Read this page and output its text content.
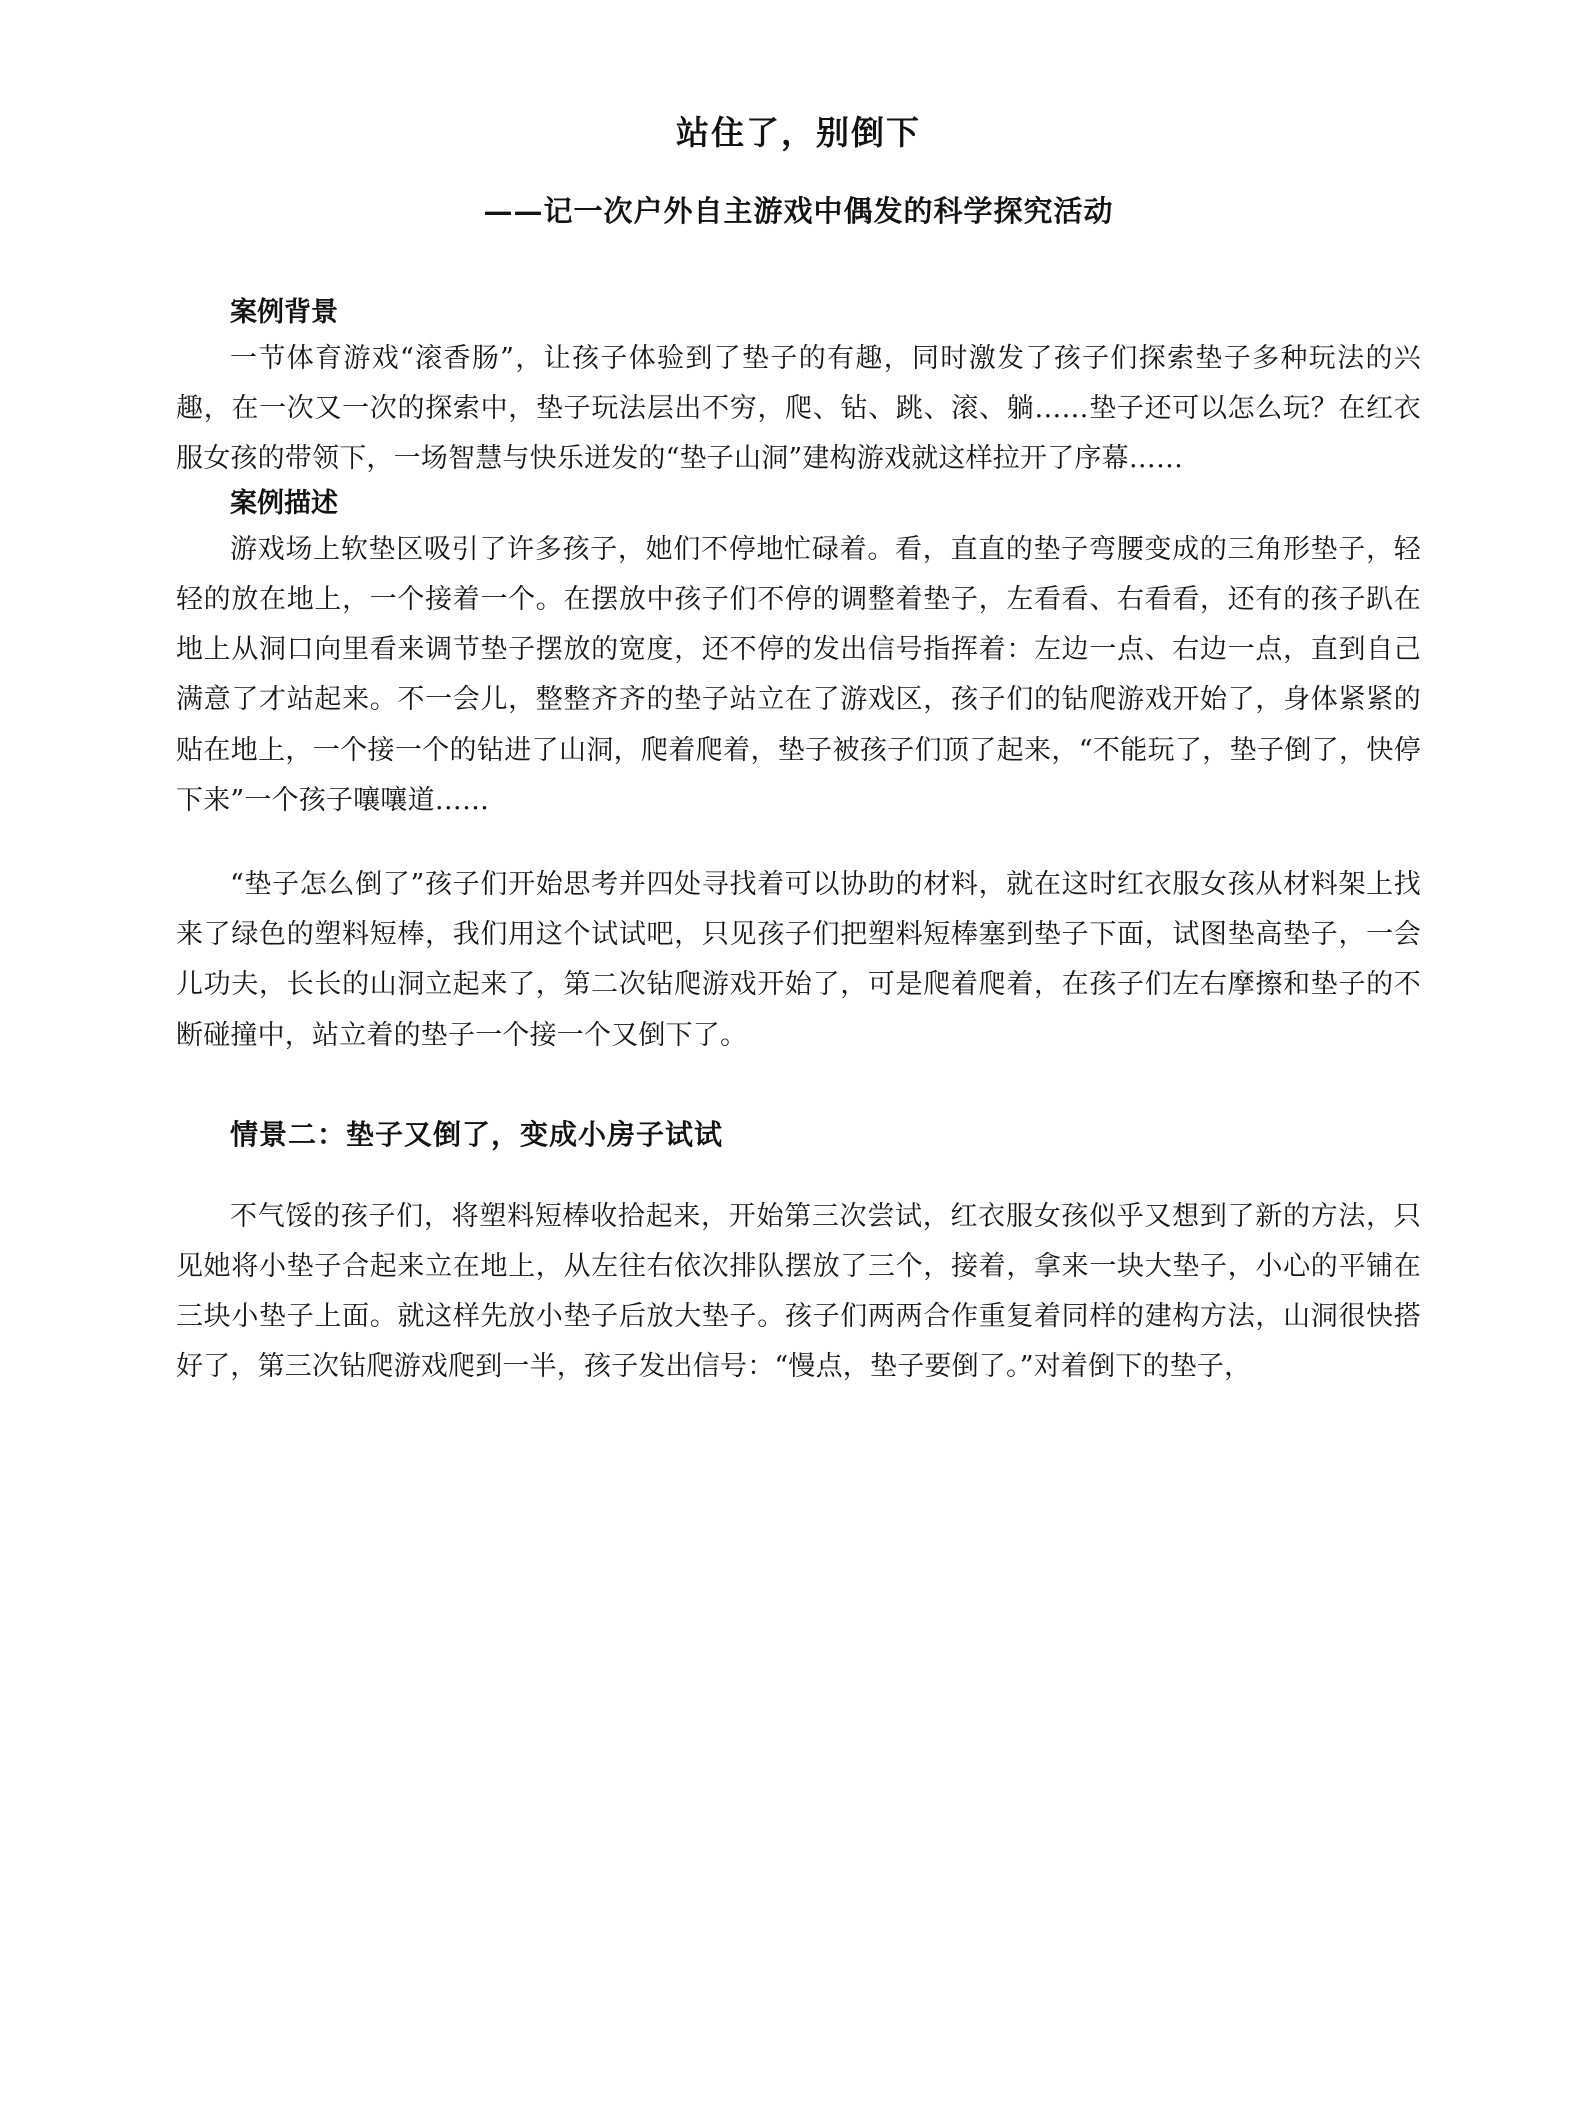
站住了，别倒下
——记一次户外自主游戏中偶发的科学探究活动
案例背景

一节体育游戏“滚香肠”，让孩子体验到了垫子的有趣，同时激发了孩子们探索垫子多种玩法的兴趣，在一次又一次的探索中，垫子玩法层出不穷，爬、钻、跳、滚、躺……垫子还可以怎么玩？在红衣服女孩的带领下，一场智慧与快乐迸发的“垫子山洞”建构游戏就这样拉开了序幕……

案例描述

游戏场上软垫区吸引了许多孩子，她们不停地忙碌着。看，直直的垫子弯腰变成的三角形垫子，轻轻的放在地上，一个接着一个。在摆放中孩子们不停的调整着垫子，左看看、右看看，还有的孩子趴在地上从洞口向里看来调节垫子摆放的宽度，还不停的发出信号指挥着：左边一点、右边一点，直到自己满意了才站起来。不一会儿，整整齐齐的垫子站立在了游戏区，孩子们的钻爬游戏开始了，身体紧紧的贴在地上，一个接一个的钻进了山洞，爬着爬着，垫子被孩子们顶了起来，“不能玩了，垫子倒了，快停下来”一个孩子嚷嚷道……

“垫子怎么倒了”孩子们开始思考并四处寻找着可以协助的材料，就在这时红衣服女孩从材料架上找来了绿色的塑料短棒，我们用这个试试吧，只见孩子们把塑料短棒塞到垫子下面，试图垫高垫子，一会儿功夫，长长的山洞立起来了，第二次钻爬游戏开始了，可是爬着爬着，在孩子们左右摩擦和垫子的不断碰撞中，站立着的垫子一个接一个又倒下了。

情景二：垫子又倒了，变成小房子试试

不气馁的孩子们，将塑料短棒收拾起来，开始第三次尝试，红衣服女孩似乎又想到了新的方法，只见她将小垫子合起来立在地上，从左往右依次排队摆放了三个，接着，拿来一块大垫子，小心的平铺在三块小垫子上面。就这样先放小垫子后放大垫子。孩子们两两合作重复着同样的建构方法，山洞很快搭好了，第三次钻爬游戏爬到一半，孩子发出信号：“慢点，垫子要倒了。”对着倒下的垫子，
